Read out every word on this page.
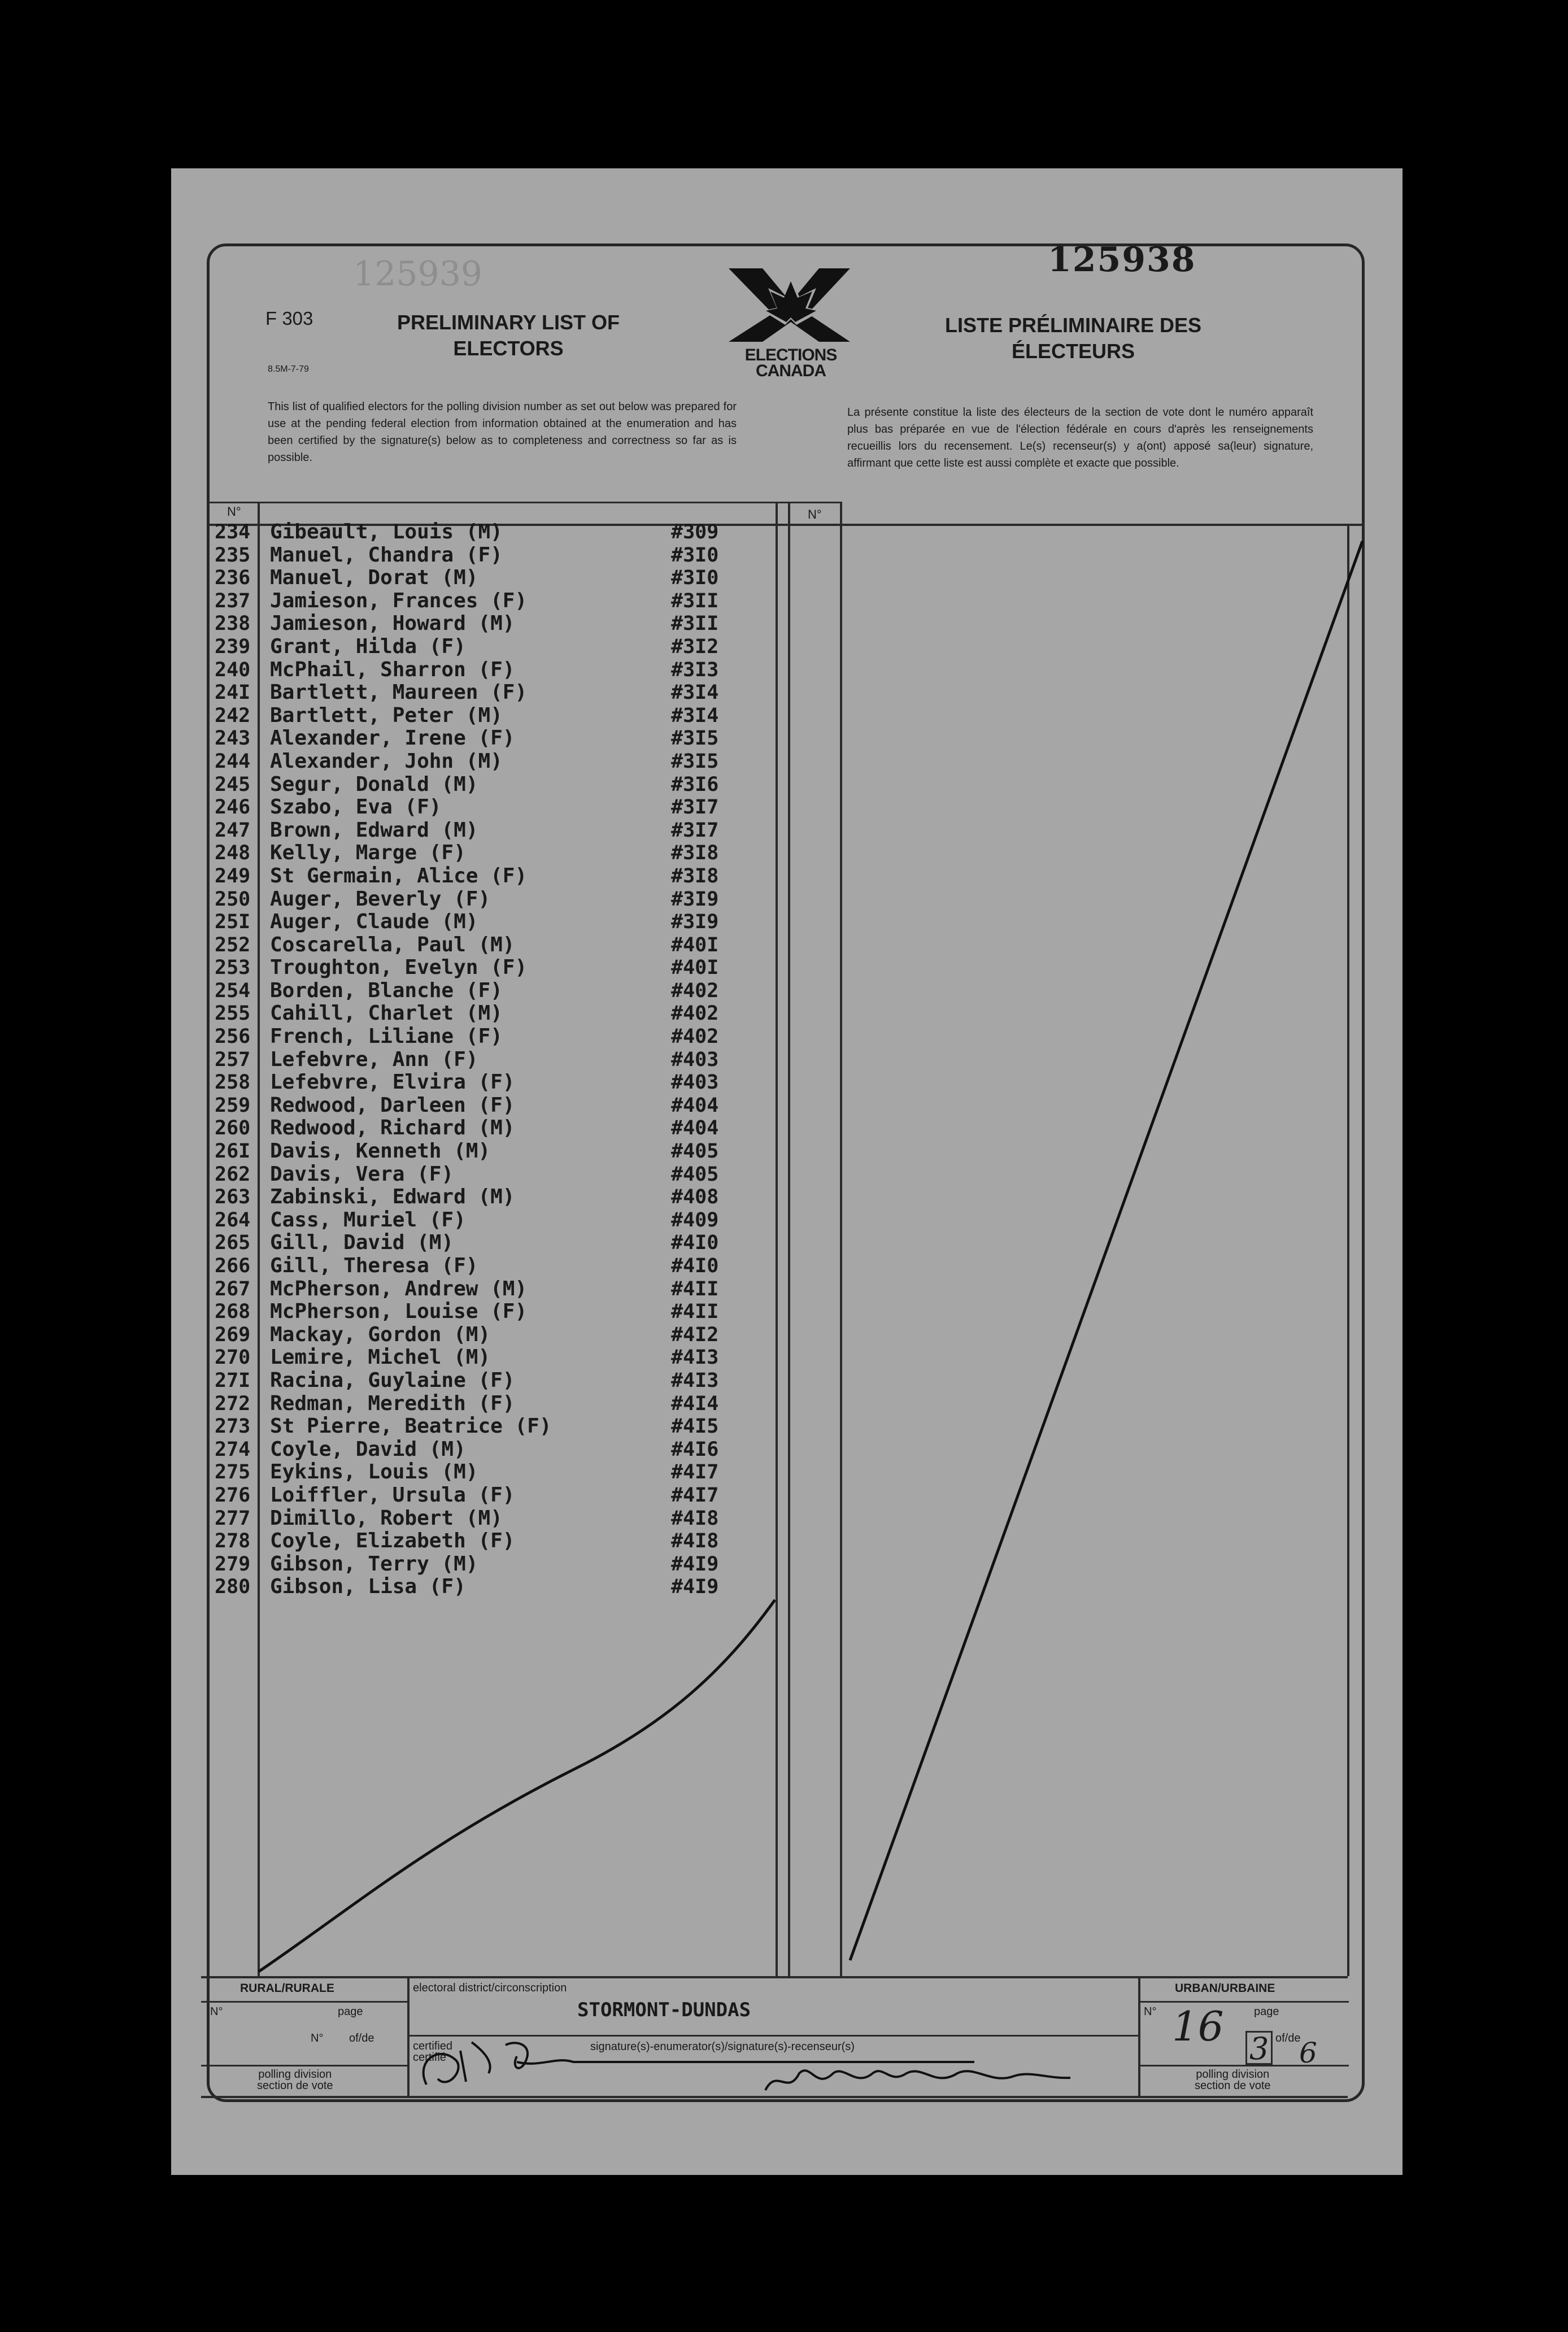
125939	125938
F 303
8.5M-7-79
PRELIMINARY LIST OF ELECTORS
LISTE PRÉLIMINAIRE DES ÉLECTEURS
ELECTIONS
CANADA
This list of qualified electors for the polling division number as set out below was prepared for use at the pending federal election from information obtained at the enumeration and has been certified by the signature(s) below as to completeness and correctness so far as is possible.
La présente constitue la liste des électeurs de la section de vote dont le numéro apparaît plus bas préparée en vue de l'élection fédérale en cours d'après les renseignements recueillis lors du recensement. Le(s) recenseur(s) y a(ont) apposé sa(leur) signature, affirmant que cette liste est aussi complète et exacte que possible.
N°	N°
234 Gibeault, Louis (M)	#309
235 Manuel, Chandra (F)	#3I0
236 Manuel, Dorat (M)	#3I0
237 Jamieson, Frances (F)	#3II
238 Jamieson, Howard (M)	#3II
239 Grant, Hilda (F)	#3I2
240 McPhail, Sharron (F)	#3I3
24I Bartlett, Maureen (F)	#3I4
242 Bartlett, Peter (M)	#3I4
243 Alexander, Irene (F)	#3I5
244 Alexander, John (M)	#3I5
245 Segur, Donald (M)	#3I6
246 Szabo, Eva (F)	#3I7
247 Brown, Edward (M)	#3I7
248 Kelly, Marge (F)	#3I8
249 St Germain, Alice (F)	#3I8
250 Auger, Beverly (F)	#3I9
25I Auger, Claude (M)	#3I9
252 Coscarella, Paul (M)	#40I
253 Troughton, Evelyn (F)	#40I
254 Borden, Blanche (F)	#402
255 Cahill, Charlet (M)	#402
256 French, Liliane (F)	#402
257 Lefebvre, Ann (F)	#403
258 Lefebvre, Elvira (F)	#403
259 Redwood, Darleen (F)	#404
260 Redwood, Richard (M)	#404
26I Davis, Kenneth (M)	#405
262 Davis, Vera (F)	#405
263 Zabinski, Edward (M)	#408
264 Cass, Muriel (F)	#409
265 Gill, David (M)	#4I0
266 Gill, Theresa (F)	#4I0
267 McPherson, Andrew (M)	#4II
268 McPherson, Louise (F)	#4II
269 Mackay, Gordon (M)	#4I2
270 Lemire, Michel (M)	#4I3
27I Racina, Guylaine (F)	#4I3
272 Redman, Meredith (F)	#4I4
273 St Pierre, Beatrice (F)	#4I5
274 Coyle, David (M)	#4I6
275 Eykins, Louis (M)	#4I7
276 Loiffler, Ursula (F)	#4I7
277 Dimillo, Robert (M)	#4I8
278 Coyle, Elizabeth (F)	#4I8
279 Gibson, Terry (M)	#4I9
280 Gibson, Lisa (F)	#4I9
RURAL/RURALE	URBAN/URBAINE
N°	page
N° of/de
polling division
section de vote
electoral district/circonscription
STORMONT-DUNDAS
certified
certifié
signature(s)-enumerator(s)/signature(s)-recenseur(s)
N° 16	page
3 of/de
6
polling division
section de vote
